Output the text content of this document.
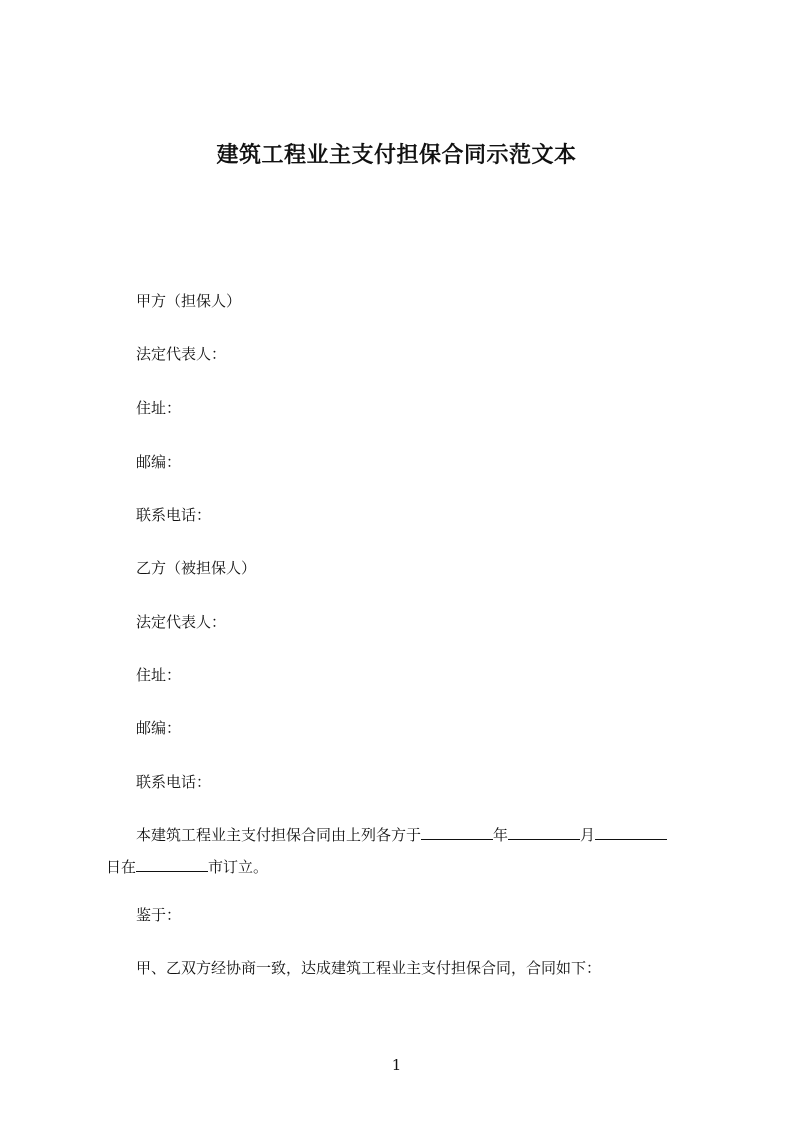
建筑工程业主支付担保合同示范文本
甲方（担保人）
法定代表人：
住址：
邮编：
联系电话：
乙方（被担保人）
法定代表人：
住址：
邮编：
联系电话：
本建筑工程业主支付担保合同由上列各方于	年	月
日在	市订立。
鉴于：
甲、乙双方经协商一致，达成建筑工程业主支付担保合同，合同如下：
1
